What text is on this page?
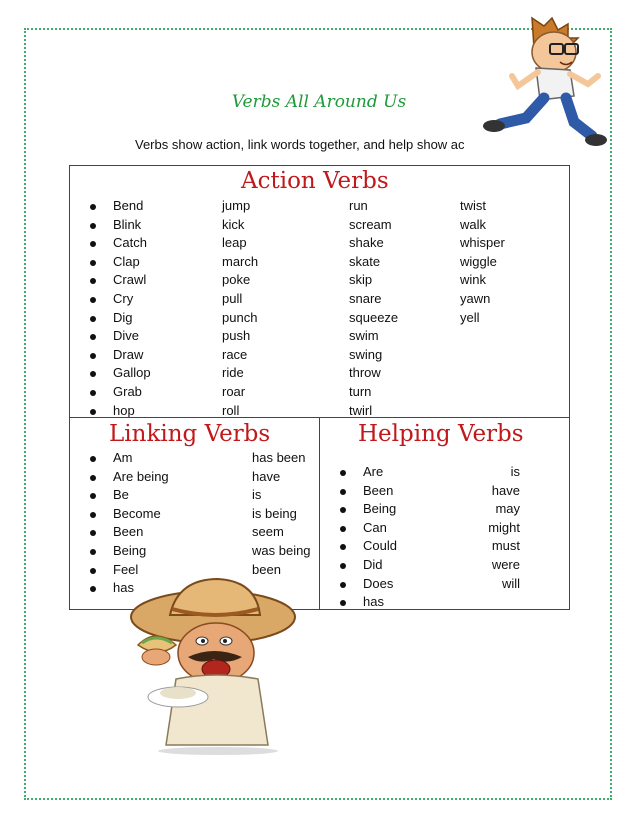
Verbs All Around Us
Verbs show action, link words together, and help show ac
Action Verbs
Bend
Blink
Catch
Clap
Crawl
Cry
Dig
Dive
Draw
Gallop
Grab
hop
jump
kick
leap
march
poke
pull
punch
push
race
ride
roar
roll
run
scream
shake
skate
skip
snare
squeeze
swim
swing
throw
turn
twirl
twist
walk
whisper
wiggle
wink
yawn
yell
Linking Verbs
Am
Are being
Be
Become
Been
Being
Feel
has
has been
have
is
is being
seem
was being
been
Helping Verbs
Are
Been
Being
Can
Could
Did
Does
has
is
have
may
might
must
were
will
